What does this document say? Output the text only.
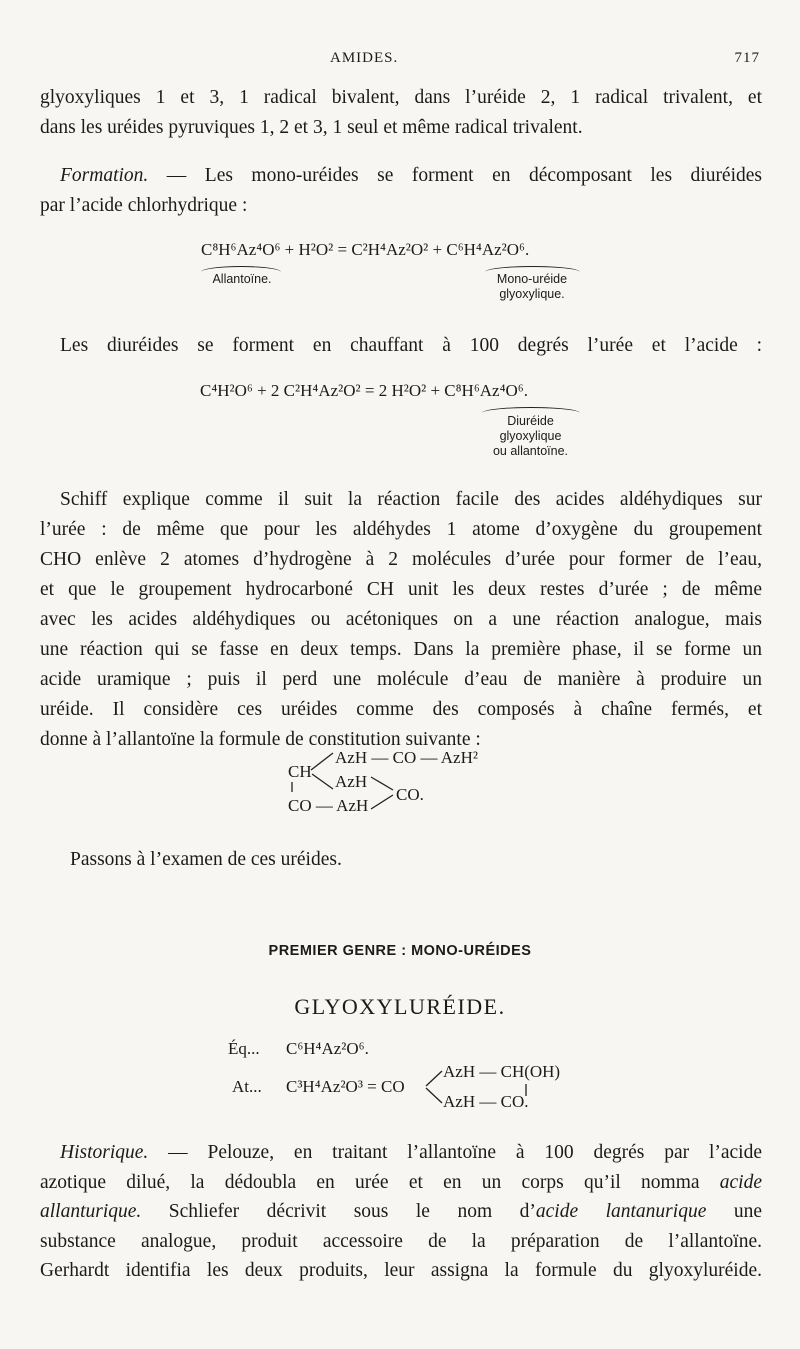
AMIDES.	717
glyoxyliques 1 et 3, 1 radical bivalent, dans l’uréide 2, 1 radical trivalent, et
dans les uréides pyruviques 1, 2 et 3, 1 seul et même radical trivalent.
Formation. — Les mono-uréides se forment en décomposant les diuréides
par l’acide chlorhydrique :
C⁸H⁶Az⁴O⁶ + H²O² = C²H⁴Az²O² + C⁶H⁴Az²O⁶.
Allantoïne.	Mono-uréide
glyoxylique.
Les diuréides se forment en chauffant à 100 degrés l’urée et l’acide :
C⁴H²O⁶ + 2 C²H⁴Az²O² = 2 H²O² + C⁸H⁶Az⁴O⁶.
Diuréide
glyoxylique
ou allantoïne.
Schiff explique comme il suit la réaction facile des acides aldéhydiques sur
l’urée : de même que pour les aldéhydes 1 atome d’oxygène du groupement
CHO enlève 2 atomes d’hydrogène à 2 molécules d’urée pour former de l’eau,
et que le groupement hydrocarboné CH unit les deux restes d’urée ; de même
avec les acides aldéhydiques ou acétoniques on a une réaction analogue, mais
une réaction qui se fasse en deux temps. Dans la première phase, il se forme un
acide uramique ; puis il perd une molécule d’eau de manière à produire un
uréide. Il considère ces uréides comme des composés à chaîne fermés, et
donne à l’allantoïne la formule de constitution suivante :
CH
AzH — CO — AzH²
AzH
CO.
CO — AzH
Passons à l’examen de ces uréides.
PREMIER GENRE : MONO-URÉIDES
GLYOXYLURÉIDE.
Éq... C⁶H⁴Az²O⁶.
At... C³H⁴Az²O³ = CO
AzH — CH(OH)
AzH — CO.
Historique. — Pelouze, en traitant l’allantoïne à 100 degrés par l’acide
azotique dilué, la dédoubla en urée et en un corps qu’il nomma acide
allanturique. Schliefer décrivit sous le nom d’acide lantanurique une
substance analogue, produit accessoire de la préparation de l’allantoïne.
Gerhardt identifia les deux produits, leur assigna la formule du glyoxyluréide.
